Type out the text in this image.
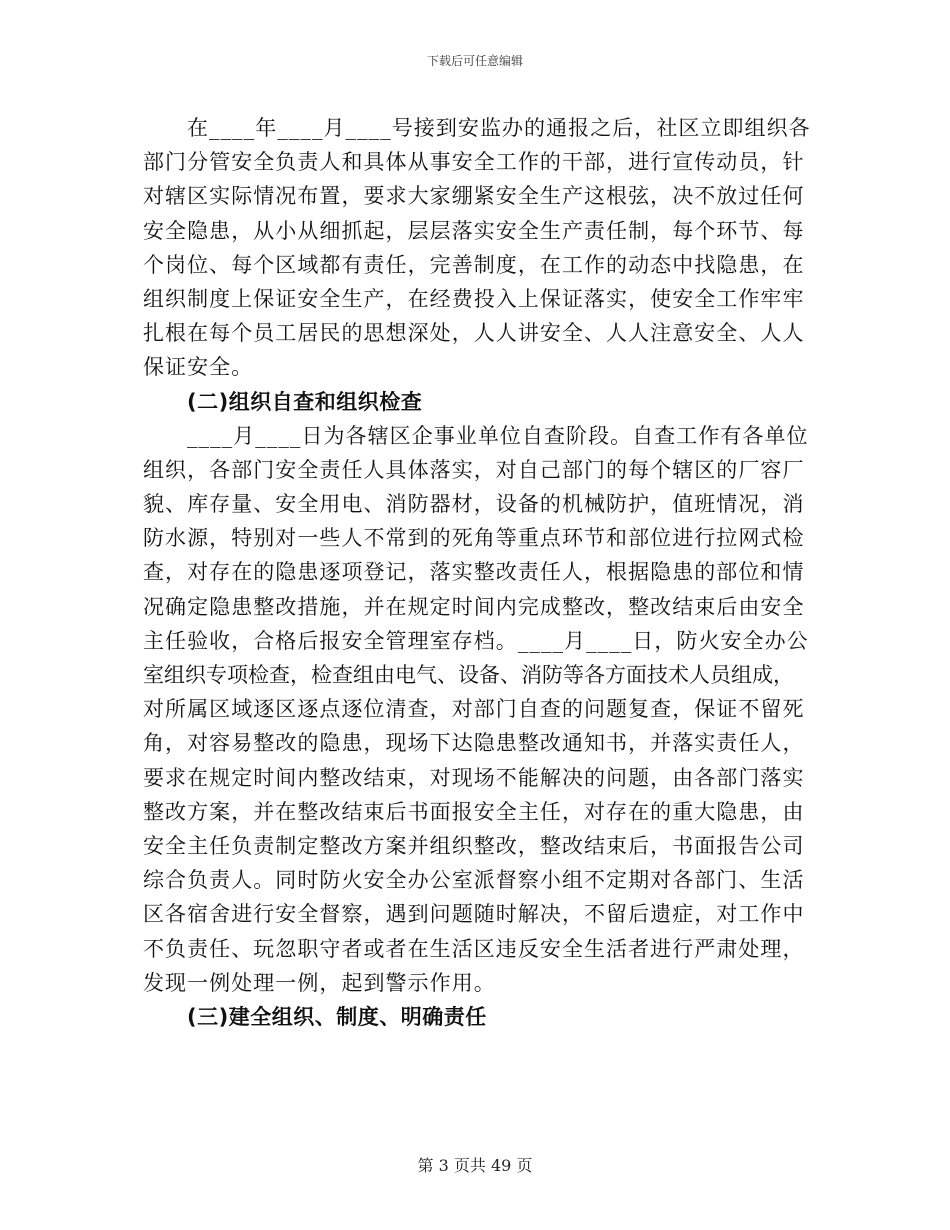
下载后可任意编辑
在____年____月____号接到安监办的通报之后，社区立即组织各
部门分管安全负责人和具体从事安全工作的干部，进行宣传动员，针
对辖区实际情况布置，要求大家绷紧安全生产这根弦，决不放过任何
安全隐患，从小从细抓起，层层落实安全生产责任制，每个环节、每
个岗位、每个区域都有责任，完善制度，在工作的动态中找隐患，在
组织制度上保证安全生产，在经费投入上保证落实，使安全工作牢牢
扎根在每个员工居民的思想深处，人人讲安全、人人注意安全、人人
保证安全。
(二)组织自查和组织检查
____月____日为各辖区企事业单位自查阶段。自查工作有各单位
组织，各部门安全责任人具体落实，对自己部门的每个辖区的厂容厂
貌、库存量、安全用电、消防器材，设备的机械防护，值班情况，消
防水源，特别对一些人不常到的死角等重点环节和部位进行拉网式检
查，对存在的隐患逐项登记，落实整改责任人，根据隐患的部位和情
况确定隐患整改措施，并在规定时间内完成整改，整改结束后由安全
主任验收，合格后报安全管理室存档。____月____日，防火安全办公
室组织专项检查，检查组由电气、设备、消防等各方面技术人员组成，
对所属区域逐区逐点逐位清查，对部门自查的问题复查，保证不留死
角，对容易整改的隐患，现场下达隐患整改通知书，并落实责任人，
要求在规定时间内整改结束，对现场不能解决的问题，由各部门落实
整改方案，并在整改结束后书面报安全主任，对存在的重大隐患，由
安全主任负责制定整改方案并组织整改，整改结束后，书面报告公司
综合负责人。同时防火安全办公室派督察小组不定期对各部门、生活
区各宿舍进行安全督察，遇到问题随时解决，不留后遗症，对工作中
不负责任、玩忽职守者或者在生活区违反安全生活者进行严肃处理，
发现一例处理一例，起到警示作用。
(三)建全组织、制度、明确责任
第 3 页共 49 页
